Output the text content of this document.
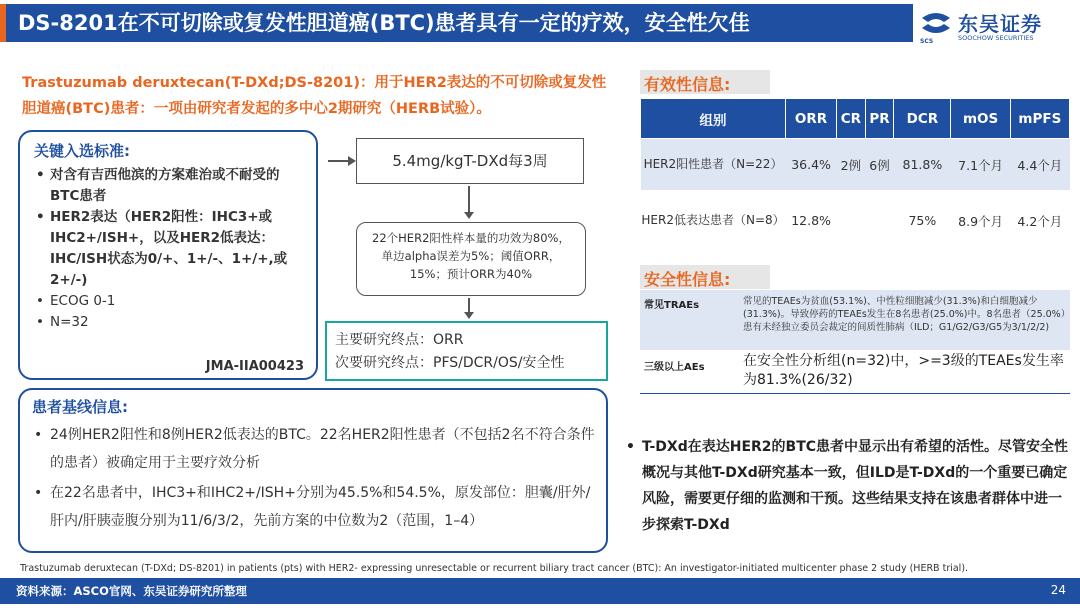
DS-8201在不可切除或复发性胆道癌(BTC)患者具有一定的疗效，安全性欠佳	东吴证券
SOOCHOW SECURITIES
SCS
Trastuzumab deruxtecan(T-DXd;DS-8201)：用于HER2表达的不可切除或复发性胆道癌(BTC)患者：一项由研究者发起的多中心2期研究（HERB试验）。
关键入选标准:
• 对含有吉西他滨的方案难治或不耐受的BTC患者
• HER2表达（HER2阳性：IHC3+或IHC2+/ISH+，以及HER2低表达：IHC/ISH状态为0/+、1+/-、1+/+,或2+/-)
• ECOG 0-1
• N=32
JMA-IIA00423
5.4mg/kgT-DXd每3周
22个HER2阳性样本量的功效为80%，单边alpha误差为5%；阈值ORR，15%；预计ORR为40%
主要研究终点：ORR
次要研究终点：PFS/DCR/OS/安全性
患者基线信息:
• 24例HER2阳性和8例HER2低表达的BTC。22名HER2阳性患者（不包括2名不符合条件的患者）被确定用于主要疗效分析
• 在22名患者中，IHC3+和IHC2+/ISH+分别为45.5%和54.5%，原发部位：胆囊/肝外/肝内/肝胰壶腹分别为11/6/3/2，先前方案的中位数为2（范围，1–4）
有效性信息:
组别	ORR	CR	PR	DCR	mOS	mPFS
HER2阳性患者（N=22）	36.4%	2例	6例	81.8%	7.1个月	4.4个月
HER2低表达患者（N=8）	12.8%			75%	8.9个月	4.2个月
安全性信息:
常见TRAEs	常见的TEAEs为贫血(53.1%)、中性粒细胞减少(31.3%)和白细胞减少(31.3%)。导致停药的TEAEs发生在8名患者(25.0%)中。8名患者（25.0%）患有未经独立委员会裁定的间质性肺病（ILD；G1/G2/G3/G5为3/1/2/2)
三级以上AEs	在安全性分析组(n=32)中，>=3级的TEAEs发生率为81.3%(26/32)
• T-DXd在表达HER2的BTC患者中显示出有希望的活性。尽管安全性概况与其他T-DXd研究基本一致，但ILD是T-DXd的一个重要已确定风险，需要更仔细的监测和干预。这些结果支持在该患者群体中进一步探索T-DXd
Trastuzumab deruxtecan (T-DXd; DS-8201) in patients (pts) with HER2- expressing unresectable or recurrent biliary tract cancer (BTC): An investigator-initiated multicenter phase 2 study (HERB trial).
资料来源：ASCO官网、东吴证券研究所整理	24
